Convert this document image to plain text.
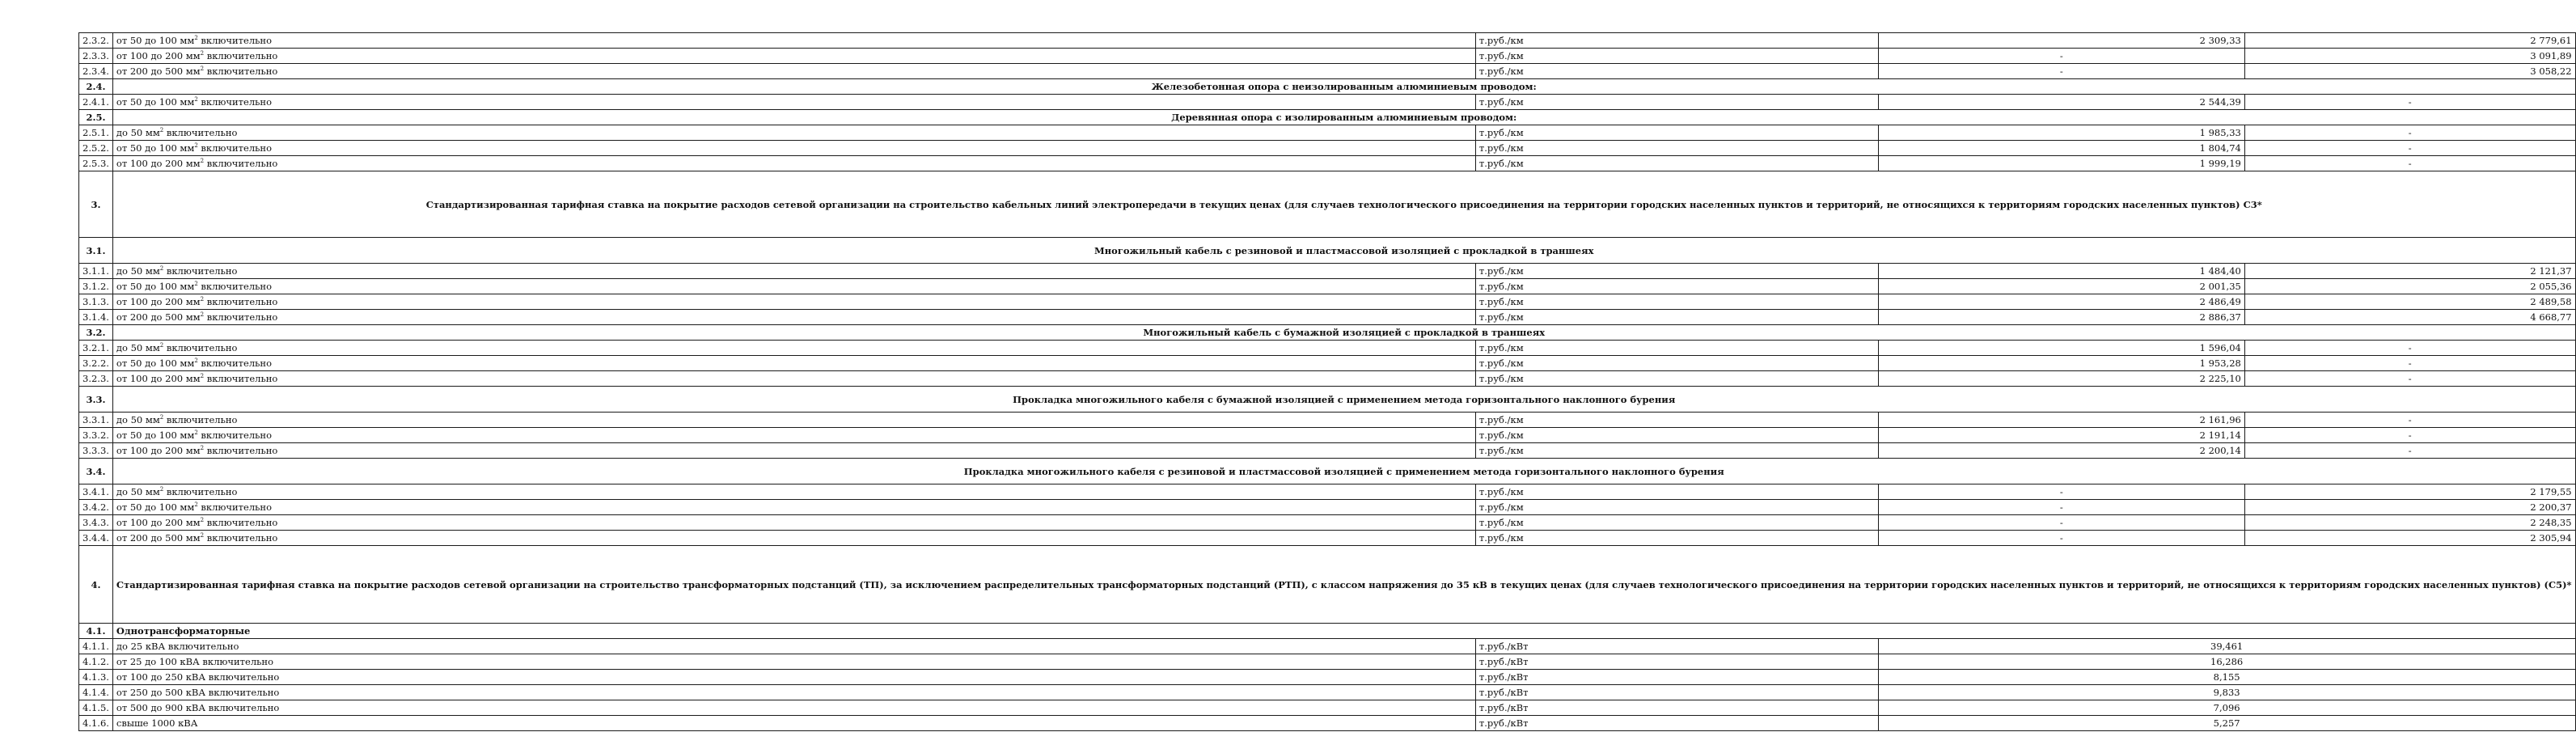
2.3.2.	от 50 до 100 $мм^2$ включительно	т.руб./км	2 309,33	2 779,61
2.3.3.	от 100 до 200 $мм^2$ включительно	т.руб./км	-	3 091,89
2.3.4.	от 200 до 500 $мм^2$ включительно	т.руб./км	-	3 058,22
2.4.	Железобетонная опора с неизолированным алюминиевым проводом:			
2.4.1.	от 50 до 100 $мм^2$ включительно	т.руб./км	2 544,39	-
2.5.	Деревянная опора с изолированным алюминиевым проводом:			
2.5.1.	до 50 $мм^2$ включительно	т.руб./км	1 985,33	-
2.5.2.	от 50 до 100 $мм^2$ включительно	т.руб./км	1 804,74	-
2.5.3.	от 100 до 200 $мм^2$ включительно	т.руб./км	1 999,19	-
3.	Стандартизированная тарифная ставка на покрытие расходов сетевой организации на строительство кабельных линий электропередачи в текущих ценах (для случаев технологического присоединения на территории городских населенных пунктов и территорий, не относящихся к территориям городских населенных пунктов) С3*			
3.1.	Многожильный кабель с резиновой и пластмассовой изоляцией с прокладкой в траншеях			
3.1.1.	до 50 $мм^2$ включительно	т.руб./км	1 484,40	2 121,37
3.1.2.	от 50 до 100 $мм^2$ включительно	т.руб./км	2 001,35	2 055,36
3.1.3.	от 100 до 200 $мм^2$ включительно	т.руб./км	2 486,49	2 489,58
3.1.4.	от 200 до 500 $мм^2$ включительно	т.руб./км	2 886,37	4 668,77
3.2.	Многожильный кабель с бумажной изоляцией с прокладкой в траншеях			
3.2.1.	до 50 $мм^2$ включительно	т.руб./км	1 596,04	-
3.2.2.	от 50 до 100 $мм^2$ включительно	т.руб./км	1 953,28	-
3.2.3.	от 100 до 200 $мм^2$ включительно	т.руб./км	2 225,10	-
3.3.	Прокладка многожильного кабеля с бумажной изоляцией с применением метода горизонтального наклонного бурения			
3.3.1.	до 50 $мм^2$ включительно	т.руб./км	2 161,96	-
3.3.2.	от 50 до 100 $мм^2$ включительно	т.руб./км	2 191,14	-
3.3.3.	от 100 до 200 $мм^2$ включительно	т.руб./км	2 200,14	-
3.4.	Прокладка многожильного кабеля с резиновой и пластмассовой изоляцией с применением метода горизонтального наклонного бурения			
3.4.1.	до 50 $мм^2$ включительно	т.руб./км	-	2 179,55
3.4.2.	от 50 до 100 $мм^2$ включительно	т.руб./км	-	2 200,37
3.4.3.	от 100 до 200 $мм^2$ включительно	т.руб./км	-	2 248,35
3.4.4.	от 200 до 500 $мм^2$ включительно	т.руб./км	-	2 305,94
4.	Стандартизированная тарифная ставка на покрытие расходов сетевой организации на строительство трансформаторных подстанций (ТП), за исключением распределительных трансформаторных подстанций (РТП), с классом напряжения до 35 кВ в текущих ценах (для случаев технологического присоединения на территории городских населенных пунктов и территорий, не относящихся к территориям городских населенных пунктов) (С5)*			
4.1.	Однотрансформаторные			
4.1.1.	до 25 кВА включительно	т.руб./кВт	39,461	
4.1.2.	от 25 до 100 кВА включительно	т.руб./кВт	16,286	
4.1.3.	от 100 до 250 кВА включительно	т.руб./кВт	8,155	
4.1.4.	от 250 до 500 кВА включительно	т.руб./кВт	9,833	
4.1.5.	от 500 до 900 кВА включительно	т.руб./кВт	7,096	
4.1.6.	свыше 1000 кВА	т.руб./кВт	5,257	
